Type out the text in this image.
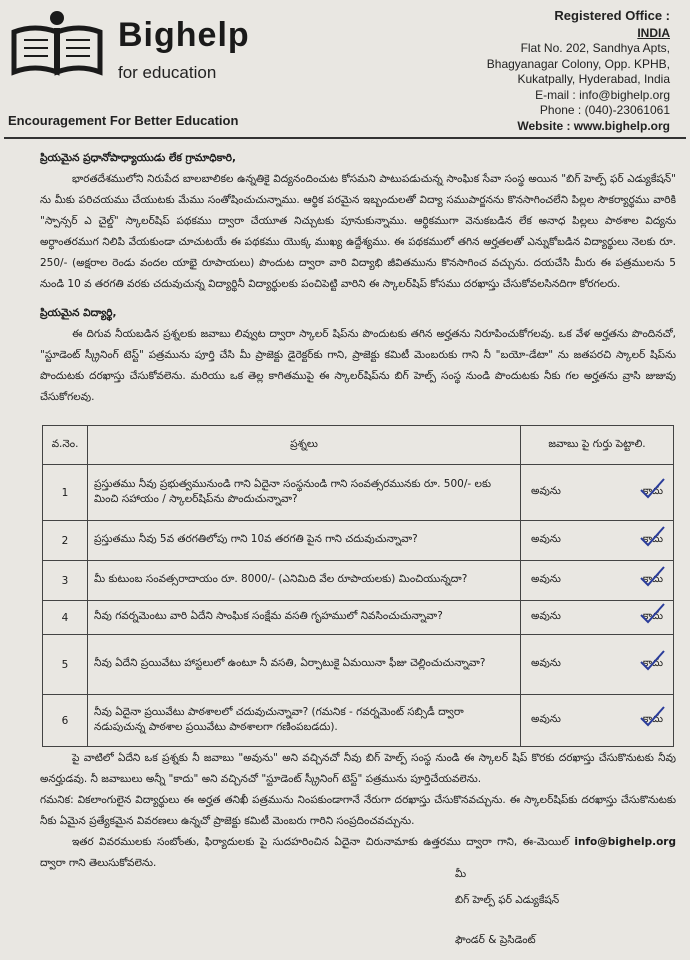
Bighelp
for education
Encouragement For Better Education
Registered Office :
INDIA
Flat No. 202, Sandhya Apts,
Bhagyanagar Colony, Opp. KPHB,
Kukatpally, Hyderabad, India
E-mail : info@bighelp.org
Phone : (040)-23061061
Website : www.bighelp.org

ప్రియమైన ప్రధానోపాధ్యాయుడు లేక గ్రామాధికారి,

భారతదేశములోని నిరుపేద బాలబాలికల ఉన్నతికై విద్యనందించుట కోసమని పాటుపడుచున్న సాంఘిక సేవా సంస్థ అయిన "బిగ్ హెల్ప్ ఫర్ ఎడ్యుకేషన్" ను మీకు పరిచయము చేయుటకు మేము సంతోషించుచున్నాము. ఆర్థిక పరమైన ఇబ్బందులతో విద్యా సముపార్జనను కొనసాగించలేని పిల్లల సౌకర్యార్థము వారికి "స్పాన్సర్ ఎ చైల్డ్" స్కాలర్‌షిప్ పథకము ద్వారా చేయూత నిచ్చుటకు పూనుకున్నాము. ఆర్థికముగా వెనుకబడిన లేక అనాధ పిల్లలు పాఠశాల విద్యను అర్ధాంతరముగ నిలిపి వేయకుండా చూచుటయే ఈ పథకము యొక్క ముఖ్య ఉద్దేశ్యము. ఈ పథకములో తగిన అర్హతలతో ఎన్నుకోబడిన విద్యార్థులు నెలకు రూ. 250/- (అక్షరాల రెండు వందల యాభై రూపాయలు) పొందుట ద్వారా వారి విద్యాభి జీవితమును కొనసాగించ వచ్చును. దయచేసి మీరు ఈ పత్రములను 5 నుండి 10 వ తరగతి వరకు చదువుచున్న విద్యార్థినీ విద్యార్థులకు పంచిపెట్టి వారిని ఈ స్కాలర్‌షిప్ కోసము దరఖాస్తు చేసుకోవలసినదిగా కోరగలరు.

ప్రియమైన విద్యార్థి,

ఈ దిగువ నీయబడిన ప్రశ్నలకు జవాబు లివ్వుట ద్వారా స్కాలర్ షిప్‌ను పొందుటకు తగిన అర్హతను నిరూపించుకోగలవు. ఒక వేళ అర్హతను పొందినచో, "స్టూడెంట్ స్క్రీనింగ్ టెస్ట్" పత్రమును పూర్తి చేసి మీ ప్రాజెక్టు డైరెక్టర్‌కు గాని, ప్రాజెక్టు కమిటీ మెంబరుకు గాని నీ "బయో-డేటా" ను జతపరచి స్కాలర్ షిప్‌ను పొందుటకు దరఖాస్తు చేసుకోవలెను. మరియు ఒక తెల్ల కాగితముపై ఈ స్కాలర్‌షిప్‌ను బిగ్ హెల్ప్ సంస్థ నుండి పొందుటకు నీకు గల అర్హతను వ్రాసి జుజువు చేసుకోగలవు.

వ.నెం.	ప్రశ్నలు	జవాబు పై గుర్తు పెట్టాలి.
1	ప్రస్తుతము నీవు ప్రభుత్వమునుండి గాని ఏదైనా సంస్థనుండి గాని సంవత్సరమునకు రూ. 500/- లకు మించి సహాయం / స్కాలర్‌షిప్‌ను పొందుచున్నావా?	అవును కాదు

2	ప్రస్తుతము నీవు 5వ తరగతిలోపు గాని 10వ తరగతి పైన గాని చదువుచున్నావా?	అవును కాదు

3	మీ కుటుంబ సంవత్సరాదాయం రూ. 8000/- (ఎనిమిది వేల రూపాయలకు) మించియున్నదా?	అవును కాదు

4	నీవు గవర్నమెంటు వారి ఏదేని సాంఘిక సంక్షేమ వసతి గృహములో నివసించుచున్నావా?	అవును కాదు

5	నీవు ఏదేని ప్రయివేటు హాస్టలులో ఉంటూ నీ వసతి, ఏర్పాటుకై ఏమయినా ఫీజు చెల్లించుచున్నావా?	అవును కాదు

6	నీవు ఏదైనా ప్రయివేటు పాఠశాలలో చదువుచున్నావా? (గమనిక - గవర్నమెంట్ సబ్సిడీ ద్వారా నడుపుచున్న పాఠశాల ప్రయివేటు పాఠశాలగా గణింపబడదు).	అవును కాదు

పై వాటిలో ఏదేని ఒక ప్రశ్నకు నీ జవాబు "అవును" అని వచ్చినచో నీవు బిగ్ హెల్ప్ సంస్థ నుండి ఈ స్కాలర్ షిప్ కొరకు దరఖాస్తు చేసుకొనుటకు నీవు అనర్హుడవు. నీ జవాబులు అన్నీ "కాదు" అని వచ్చినచో "స్టూడెంట్ స్క్రీనింగ్ టెస్ట్" పత్రమును పూర్తిచేయవలెను.

గమనిక: వికలాంగులైన విద్యార్థులు ఈ అర్హత తనిఖీ పత్రమును నింపకుండాగానే నేరుగా దరఖాస్తు చేసుకొనవచ్చును. ఈ స్కాలర్‌షిప్‌కు దరఖాస్తు చేసుకొనుటకు నీకు ఏమైన ప్రత్యేకమైన వివరణలు ఉన్నచో ప్రాజెక్టు కమిటీ మెంబరు గారిని సంప్రదించవచ్చును.

ఇతర వివరములకు సంబోంతు, ఫిర్యాదులకు పై సుదహరించిన ఏదైనా చిరునామాకు ఉత్తరము ద్వారా గాని, ఈ-మెయిల్ info@bighelp.org ద్వారా గాని తెలుసుకోవలెను.

మీ
బిగ్ హెల్ప్ ఫర్ ఎడ్యుకేషన్
ఫౌండర్ & ప్రెసిడెంట్
